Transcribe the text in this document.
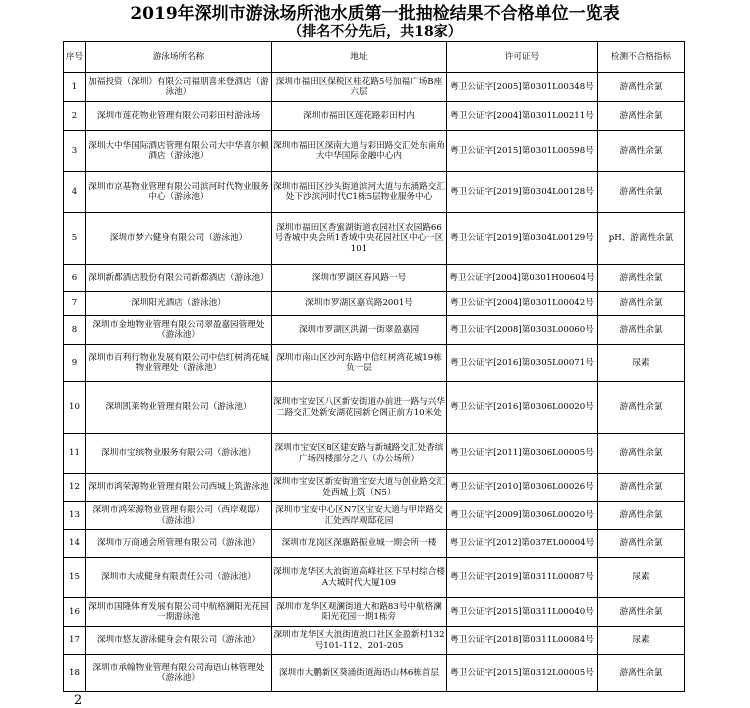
2019年深圳市游泳场所池水质第一批抽检结果不合格单位一览表
（排名不分先后，共18家）
序号	游泳场所名称	地址	许可证号	检测不合格指标
1	加福投资（深圳）有限公司福朋喜来登酒店（游泳池）	深圳市福田区保税区桂花路5号加福广场B座六层	粤卫公证字[2005]第0301L00348号	游离性余氯
2	深圳市莲花物业管理有限公司彩田村游泳场	深圳市福田区莲花路彩田村内	粤卫公证字[2004]第0301L00211号	游离性余氯
3	深圳大中华国际酒店管理有限公司大中华喜尔顿酒店（游泳池）	深圳市福田区深南大道与彩田路交汇处东南角大中华国际金融中心内	粤卫公证字[2015]第0301L00598号	游离性余氯
4	深圳市京基物业管理有限公司滨河时代物业服务中心（游泳池）	深圳市福田区沙头街道滨河大道与东涌路交汇处下沙滨河时代C1栋5层物业服务中心	粤卫公证字[2019]第0304L00128号	游离性余氯
5	深圳市梦六健身有限公司（游泳池）	深圳市福田区香蜜湖街道农园社区农园路66号香城中央会所1香域中央花园社区中心一区101	粤卫公证字[2019]第0304L00129号	pH、游离性余氯
6	深圳新都酒店股份有限公司新都酒店（游泳池）	深圳市罗湖区春风路一号	粤卫公证字[2004]第0301H00604号	游离性余氯
7	深圳阳光酒店（游泳池）	深圳市罗湖区嘉宾路2001号	粤卫公证字[2004]第0301L00042号	游离性余氯
8	深圳市金地物业管理有限公司翠盈嘉园管理处（游泳池）	深圳市罗湖区洪湖一街翠盈嘉园	粤卫公证字[2008]第0303L00060号	游离性余氯
9	深圳市百利行物业发展有限公司中信红树湾花城物业管理处（游泳池）	深圳市南山区沙河东路中信红树湾花城19栋负一层	粤卫公证字[2016]第0305L00071号	尿素
10	深圳凯莱物业管理有限公司（游泳池）	深圳市宝安区八区新安街道办前进一路与兴华二路交汇处新安湖花园新仑阁正前方10米处	粤卫公证字[2016]第0306L00020号	游离性余氯
11	深圳市宝缤物业服务有限公司（游泳池）	深圳市宝安区8区建安路与新城路交汇处香缤广场四楼部分之八（办公场所）	粤卫公证字[2011]第0306L00005号	游离性余氯
12	深圳市鸿荣源物业管理有限公司西城上筑游泳池	深圳市宝安区新安街道宝安大道与创业路交汇处西城上筑（N5）	粤卫公证字[2010]第0306L00026号	游离性余氯
13	深圳市鸿荣源物业管理有限公司（西岸观邸）（游泳池）	深圳市宝安中心区N7区宝安大道与甲岸路交汇处西岸观邸花园	粤卫公证字[2009]第0306L00020号	游离性余氯
14	深圳市万商通会所管理有限公司（游泳池）	深圳市龙岗区深惠路振业城一期会所一楼	粤卫公证字[2012]第037EL00004号	游离性余氯
15	深圳市大成健身有限责任公司（游泳池）	深圳市龙华区大浪街道高峰社区下早村综合楼A大城时代大厦109	粤卫公证字[2019]第0311L00087号	尿素
16	深圳市国隆体育发展有限公司中航格澜阳光花园一期游泳池	深圳市龙华区观澜街道大和路83号中航格澜阳光花园一期1栋旁	粤卫公证字[2015]第0311L00040号	游离性余氯
17	深圳市悠友游泳健身会有限公司（游泳池）	深圳市龙华区大浪街道浪口社区金盈新村132号101-112、201-205	粤卫公证字[2018]第0311L00084号	尿素
18	深圳市承翰物业管理有限公司海语山林管理处（游泳池）	深圳市大鹏新区葵涌街道海语山林6栋首层	粤卫公证字[2015]第0312L00005号	游离性余氯
2
